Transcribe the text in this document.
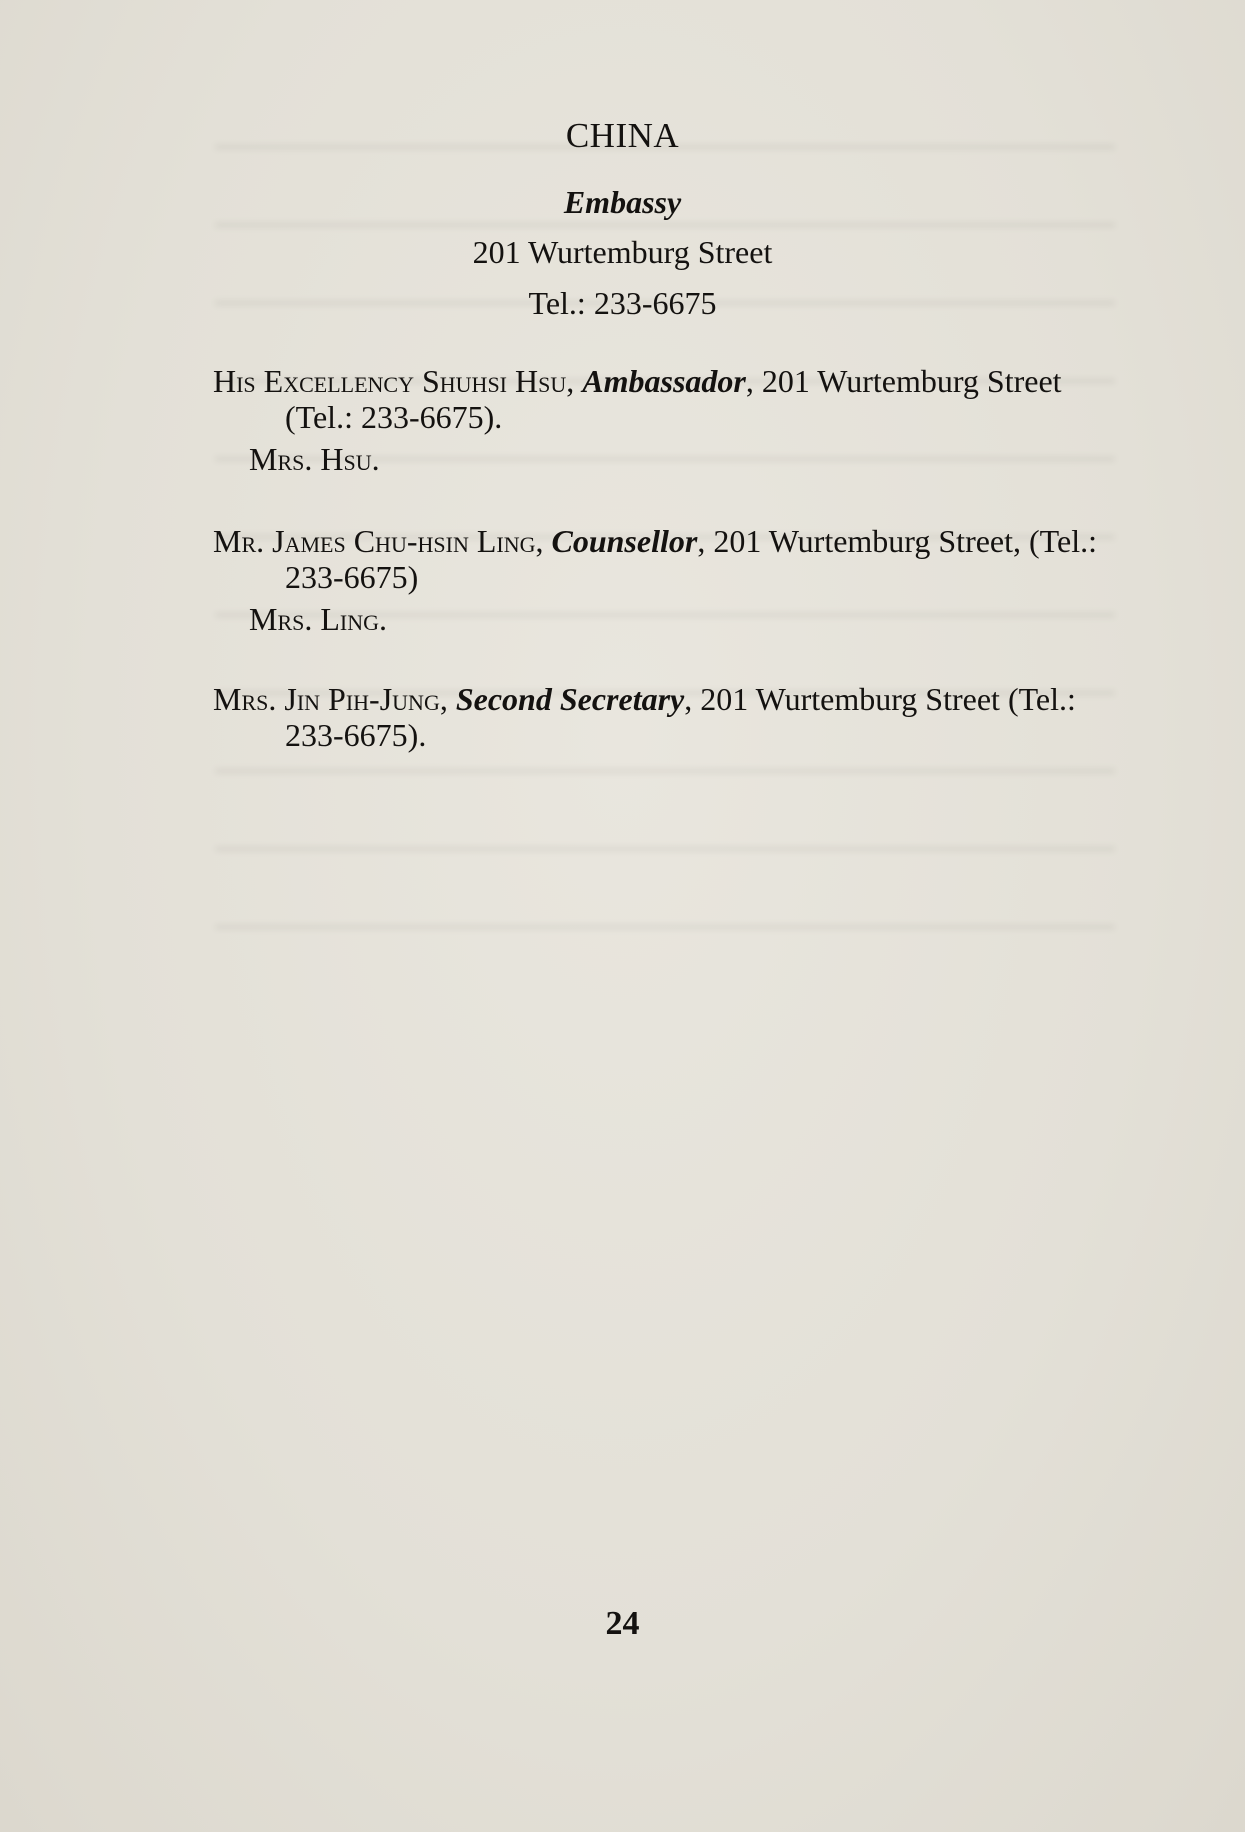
CHINA
Embassy
201 Wurtemburg Street
Tel.: 233-6675
His Excellency Shuhsi Hsu, Ambassador, 201 Wurtemburg Street (Tel.: 233-6675).
Mrs. Hsu.
Mr. James Chu-hsin Ling, Counsellor, 201 Wurtemburg Street, (Tel.: 233-6675)
Mrs. Ling.
Mrs. Jin Pih-Jung, Second Secretary, 201 Wurtemburg Street (Tel.: 233-6675).
24
